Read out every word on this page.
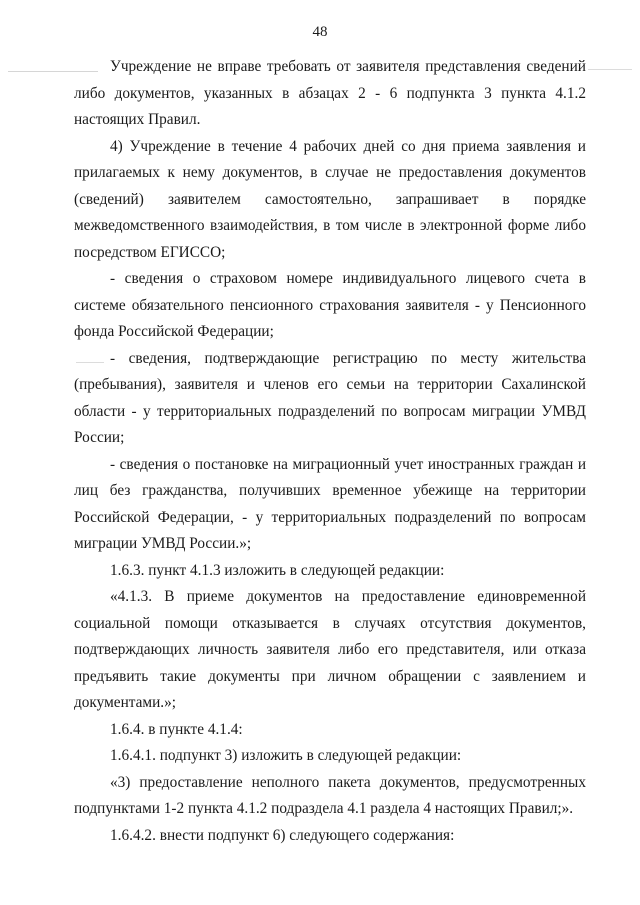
48

Учреждение не вправе требовать от заявителя представления сведений либо документов, указанных в абзацах 2 - 6 подпункта 3 пункта 4.1.2 настоящих Правил.

4) Учреждение в течение 4 рабочих дней со дня приема заявления и прилагаемых к нему документов, в случае не предоставления документов (сведений) заявителем самостоятельно, запрашивает в порядке межведомственного взаимодействия, в том числе в электронной форме либо посредством ЕГИССО;

- сведения о страховом номере индивидуального лицевого счета в системе обязательного пенсионного страхования заявителя - у Пенсионного фонда Российской Федерации;

- сведения, подтверждающие регистрацию по месту жительства (пребывания), заявителя и членов его семьи на территории Сахалинской области - у территориальных подразделений по вопросам миграции УМВД России;

- сведения о постановке на миграционный учет иностранных граждан и лиц без гражданства, получивших временное убежище на территории Российской Федерации, - у территориальных подразделений по вопросам миграции УМВД России.»;

1.6.3. пункт 4.1.3 изложить в следующей редакции:

«4.1.3. В приеме документов на предоставление единовременной социальной помощи отказывается в случаях отсутствия документов, подтверждающих личность заявителя либо его представителя, или отказа предъявить такие документы при личном обращении с заявлением и документами.»;

1.6.4. в пункте 4.1.4:

1.6.4.1. подпункт 3) изложить в следующей редакции:

«3) предоставление неполного пакета документов, предусмотренных подпунктами 1-2 пункта 4.1.2 подраздела 4.1 раздела 4 настоящих Правил;».

1.6.4.2. внести подпункт 6) следующего содержания:
